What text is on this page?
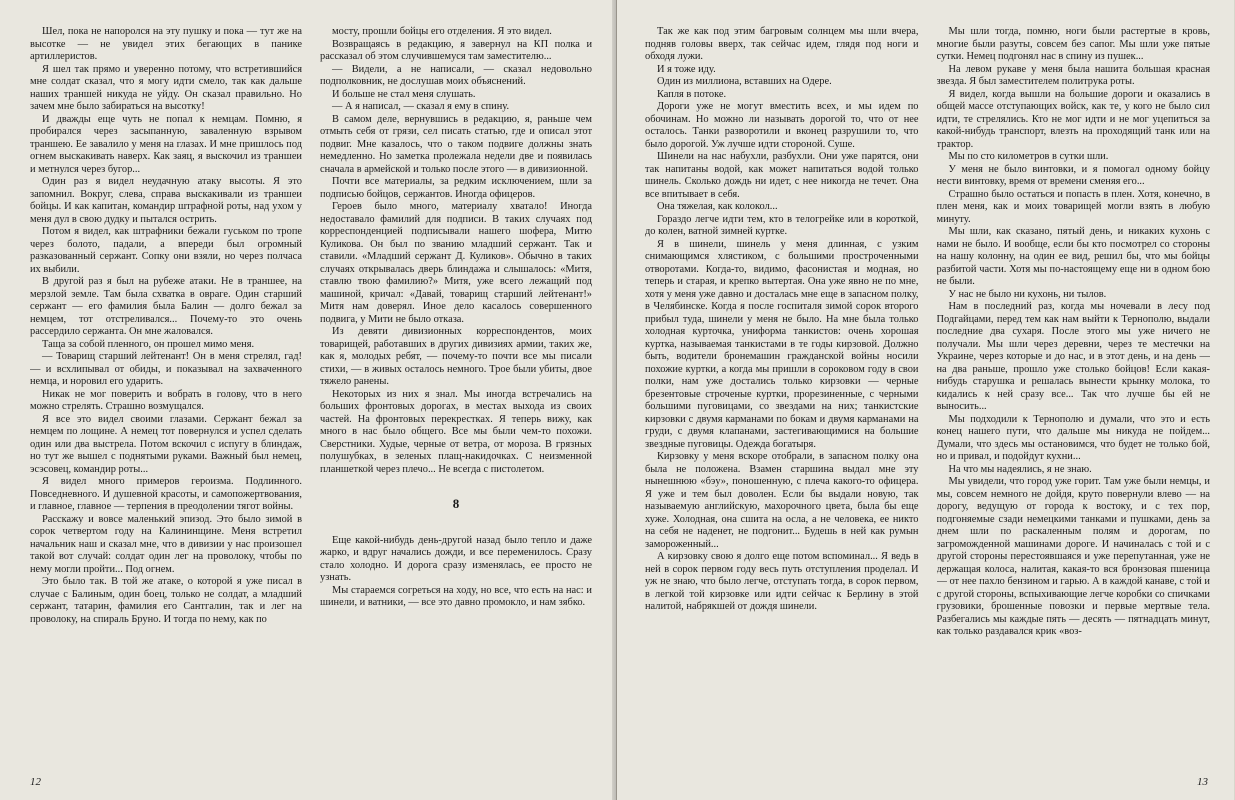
Шел, пока не напоролся на эту пушку и пока — тут же на высотке — не увидел этих бегающих в панике артиллеристов.

Я шел так прямо и уверенно потому, что встретившийся мне солдат сказал, что я могу идти смело, так как дальше наших траншей никуда не уйду. Он сказал правильно. Но зачем мне было забираться на высотку!

И дважды еще чуть не попал к немцам. Помню, я пробирался через засыпанную, заваленную взрывом траншею. Ее завалило у меня на глазах. И мне пришлось под огнем выскакивать наверх. Как заяц, я выскочил из траншеи и метнулся через бугор...

Один раз я видел неудачную атаку высоты. Я это запомнил. Вокруг, слева, справа выскакивали из траншеи бойцы. И как капитан, командир штрафной роты, над ухом у меня дул в свою дудку и пытался острить.

Потом я видел, как штрафники бежали гуськом по тропе через болото, падали, а впереди был огромный разказованный сержант. Сопку они взяли, но через полчаса их выбили.

В другой раз я был на рубеже атаки. Не в траншее, на мерзлой земле. Там была схватка в овраге. Один старший сержант — его фамилия была Балин — долго бежал за немцем, тот отстреливался... Почему-то это очень рассердило сержанта. Он мне жаловался.

Таща за собой пленного, он прошел мимо меня.

— Товарищ старший лейтенант! Он в меня стрелял, гад! — и всхлипывал от обиды, и показывал на захваченного немца, и норовил его ударить.

Никак не мог поверить и вобрать в голову, что в него можно стрелять. Страшно возмущался.

Я все это видел своими глазами. Сержант бежал за немцем по лощине. А немец тот повернулся и успел сделать один или два выстрела. Потом вскочил с испугу в блиндаж, но тут же вышел с поднятыми руками. Важный был немец, эсэсовец, командир роты...

Я видел много примеров героизма. Подлинного. Повседневного. И душевной красоты, и самопожертвования, и главное, главное — терпения в преодолении тягот войны.

Расскажу и вовсе маленький эпизод. Это было зимой в сорок четвертом году на Калининщине. Меня встретил начальник наш и сказал мне, что в дивизии у нас произошел такой вот случай: солдат один лег на проволоку, чтобы по нему могли пройти... Под огнем.

Это было так. В той же атаке, о которой я уже писал в случае с Балиным, один боец, только не солдат, а младший сержант, татарин, фамилия его Сантгалин, так и лег на проволоку, на спираль Бруно. И тогда по нему, как по

мосту, прошли бойцы его отделения. Я это видел.

Возвращаясь в редакцию, я завернул на КП полка и рассказал об этом случившемуся там заместителю...

— Видели, а не написали, — сказал недовольно подполковник, не дослушав моих объяснений.

И больше не стал меня слушать.

— А я написал, — сказал я ему в спину.

В самом деле, вернувшись в редакцию, я, раньше чем отмыть себя от грязи, сел писать статью, где и описал этот подвиг. Мне казалось, что о таком подвиге должны знать немедленно. Но заметка пролежала недели две и появилась сначала в армейской и только после этого — в дивизионной.

Почти все материалы, за редким исключением, шли за подписью бойцов, сержантов. Иногда офицеров.

Героев было много, материалу хватало! Иногда недоставало фамилий для подписи. В таких случаях под корреспонденцией подписывали нашего шофера, Митю Куликова. Он был по званию младший сержант. Так и ставили. «Младший сержант Д. Куликов». Обычно в таких случаях открывалась дверь блиндажа и слышалось: «Митя, ставлю твою фамилию?» Митя, уже всего лежащий под машиной, кричал: «Давай, товарищ старший лейтенант!» Митя нам доверял. Иное дело касалось совершенного подвига, у Мити не было отказа.

Из девяти дивизионных корреспондентов, моих товарищей, работавших в других дивизиях армии, таких же, как я, молодых ребят, — почему-то почти все мы писали стихи, — в живых осталось немного. Трое были убиты, двое тяжело ранены.

Некоторых из них я знал. Мы иногда встречались на больших фронтовых дорогах, в местах выхода из своих частей. На фронтовых перекрестках. Я теперь вижу, как много в нас было общего. Все мы были чем-то похожи. Сверстники. Худые, черные от ветра, от мороза. В грязных полушубках, в зеленых плащ-накидочках. С неизменной планшеткой через плечо... Не всегда с пистолетом.

8

Еще какой-нибудь день-другой назад было тепло и даже жарко, и вдруг начались дожди, и все переменилось. Сразу стало холодно. И дорога сразу изменялась, ее просто не узнать.

Мы стараемся согреться на ходу, но все, что есть на нас: и шинели, и ватники, — все это давно промокло, и нам зябко.

12

Так же как под этим багровым солнцем мы шли вчера, подняв головы вверх, так сейчас идем, глядя под ноги и обходя лужи.

И я тоже иду.

Один из миллиона, вставших на Одере.

Капля в потоке.

Дороги уже не могут вместить всех, и мы идем по обочинам. Но можно ли называть дорогой то, что от нее осталось. Танки разворотили и вконец разрушили то, что было дорогой. Уж лучше идти стороной. Суше.

Шинели на нас набухли, разбухли. Они уже парятся, они так напитаны водой, как может напитаться водой только шинель. Сколько дождь ни идет, с нее никогда не течет. Она все впитывает в себя.

Она тяжелая, как колокол...

Гораздо легче идти тем, кто в телогрейке или в короткой, до колен, ватной зимней куртке.

Я в шинели, шинель у меня длинная, с узким снимающимся хлястиком, с большими простроченными отворотами. Когда-то, видимо, фасонистая и модная, но теперь и старая, и крепко вытертая. Она уже явно не по мне, хотя у меня уже давно и досталась мне еще в запасном полку, в Челябинске. Когда я после госпиталя зимой сорок второго прибыл туда, шинели у меня не было. На мне была только холодная курточка, униформа танкистов: очень хорошая куртка, называемая танкистами в те годы кирзовой. Должно быть, водители бронемашин гражданской войны носили похожие куртки, а когда мы пришли в сороковом году в свои полки, нам уже достались только кирзовки — черные брезентовые строченые куртки, прорезиненные, с черными большими пуговицами, со звездами на них; танкистские кирзовки с двумя карманами по бокам и двумя карманами на груди, с двумя клапанами, застегивающимися на большие звездные пуговицы. Одежда богатыря.

Кирзовку у меня вскоре отобрали, в запасном полку она была не положена. Взамен старшина выдал мне эту нынешнюю «бэу», поношенную, с плеча какого-то офицера. Я уже и тем был доволен. Если бы выдали новую, так называемую английскую, махорочного цвета, была бы еще хуже. Холодная, она сшита на осла, а не человека, ее никто на себя не наденет, не подгонит... Будешь в ней как румын замороженный...

А кирзовку свою я долго еще потом вспоминал... Я ведь в ней в сорок первом году весь путь отступления проделал. И уж не знаю, что было легче, отступать тогда, в сорок первом, в легкой той кирзовке или идти сейчас к Берлину в этой налитой, набрякшей от дождя шинели.

Мы шли тогда, помню, ноги были растертые в кровь, многие были разуты, совсем без сапог. Мы шли уже пятые сутки. Немец подгонял нас в спину из пушек...

На левом рукаве у меня была нашита большая красная звезда. Я был заместителем политрука роты.

Я видел, когда вышли на большие дороги и оказались в общей массе отступающих войск, как те, у кого не было сил идти, те стрелялись. Кто не мог идти и не мог уцепиться за какой-нибудь транспорт, влезть на проходящий танк или на трактор.

Мы по сто километров в сутки шли.

У меня не было винтовки, и я помогал одному бойцу нести винтовку, время от времени сменяя его...

Страшно было остаться и попасть в плен. Хотя, конечно, в плен меня, как и моих товарищей могли взять в любую минуту.

Мы шли, как сказано, пятый день, и никаких кухонь с нами не было. И вообще, если бы кто посмотрел со стороны на нашу колонну, на один ее вид, решил бы, что мы бойцы разбитой части. Хотя мы по-настоящему еще ни в одном бою не были.

У нас не было ни кухонь, ни тылов.

Нам в последний раз, когда мы ночевали в лесу под Подгайцами, перед тем как нам выйти к Тернополю, выдали последние два сухаря. После этого мы уже ничего не получали. Мы шли через деревни, через те местечки на Украине, через которые и до нас, и в этот день, и на день — на два раньше, прошло уже столько бойцов! Если какая-нибудь старушка и решалась вынести крынку молока, то кидались к ней сразу все... Так что лучше бы ей не выносить...

Мы подходили к Тернополю и думали, что это и есть конец нашего пути, что дальше мы никуда не пойдем... Думали, что здесь мы остановимся, что будет не только бой, но и привал, и подойдут кухни...

На что мы надеялись, я не знаю.

Мы увидели, что город уже горит. Там уже были немцы, и мы, совсем немного не дойдя, круто повернули влево — на дорогу, ведущую от города к востоку, и с тех пор, подгоняемые сзади немецкими танками и пушками, день за днем шли по раскаленным полям и дорогам, по загроможденной машинами дороге. И начиналась с той и с другой стороны перестоявшаяся и уже перепутанная, уже не держащая колоса, налитая, какая-то вся бронзовая пшеница — от нее пахло бензином и гарью. А в каждой канаве, с той и с другой стороны, вспыхивающие легче коробки со спичками грузовики, брошенные повозки и первые мертвые тела. Разбегались мы каждые пять — десять — пятнадцать минут, как только раздавался крик «воз-

13
